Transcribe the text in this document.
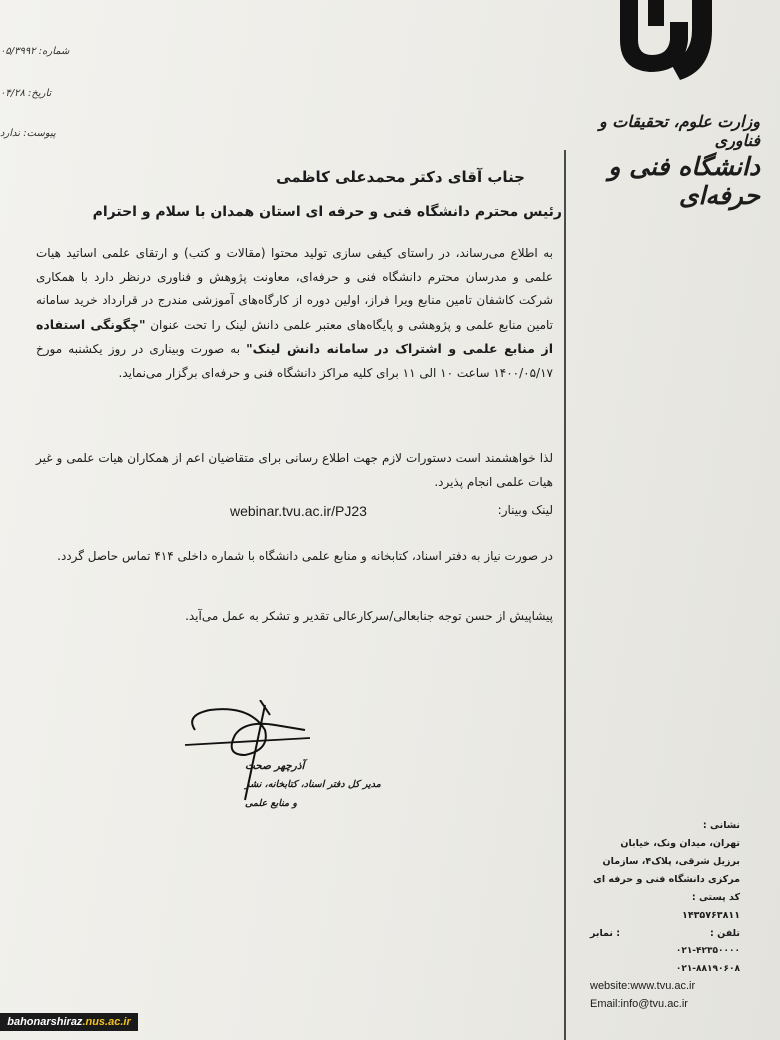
وزارت علوم، تحقیقات و فناوری
دانشگاه فنی و حرفه‌ای
شماره: ۰۵/۳۹۹۲
تاریخ: ۰۴/۲۸
پیوست: ندارد
جناب آقای دکتر محمدعلی کاظمی
رئیس محترم دانشگاه فنی و حرفه ای استان همدان با سلام و احترام
به اطلاع می‌رساند، در راستای کیفی سازی تولید محتوا (مقالات و کتب) و ارتقای علمی اساتید هیات علمی و مدرسان محترم دانشگاه فنی و حرفه‌ای، معاونت پژوهش و فناوری درنظر دارد با همکاری شرکت کاشفان تامین منابع ویرا فراز، اولین دوره از کارگاه‌های آموزشی مندرج در قرارداد خرید سامانه تامین منابع علمی و پژوهشی و پایگاه‌های معتبر علمی دانش لینک را تحت عنوان "چگونگی استفاده از منابع علمی و اشتراک در سامانه دانش لینک" به صورت وبیناری در روز یکشنبه مورخ ۱۴۰۰/۰۵/۱۷ ساعت ۱۰ الی ۱۱ برای کلیه مراکز دانشگاه فنی و حرفه‌ای برگزار می‌نماید.
لذا خواهشمند است دستورات لازم جهت اطلاع رسانی برای متقاضیان اعم از همکاران هیات علمی و غیر هیات علمی انجام پذیرد.
لینک وبینار:
webinar.tvu.ac.ir/PJ23
در صورت نیاز به دفتر اسناد، کتابخانه و منابع علمی دانشگاه با شماره داخلی ۴۱۴ تماس حاصل گردد.
پیشاپیش از حسن توجه جنابعالی/سرکارعالی تقدیر و تشکر به عمل می‌آید.
آذرچهر صحت
مدیر کل دفتر اسناد، کتابخانه، نشر
و منابع علمی
نشانی :
تهران، میدان ونک، خیابان
برزیل شرقی، پلاک۴، سازمان
مرکزی دانشگاه فنی و حرفه ای
کد پستی :
۱۴۳۵۷۶۳۸۱۱
تلفن :
۰۲۱-۴۲۳۵۰۰۰۰
نمابر :
۰۲۱-۸۸۱۹۰۶۰۸
website:www.tvu.ac.ir
Email:info@tvu.ac.ir
bahonarshiraz.nus.ac.ir
